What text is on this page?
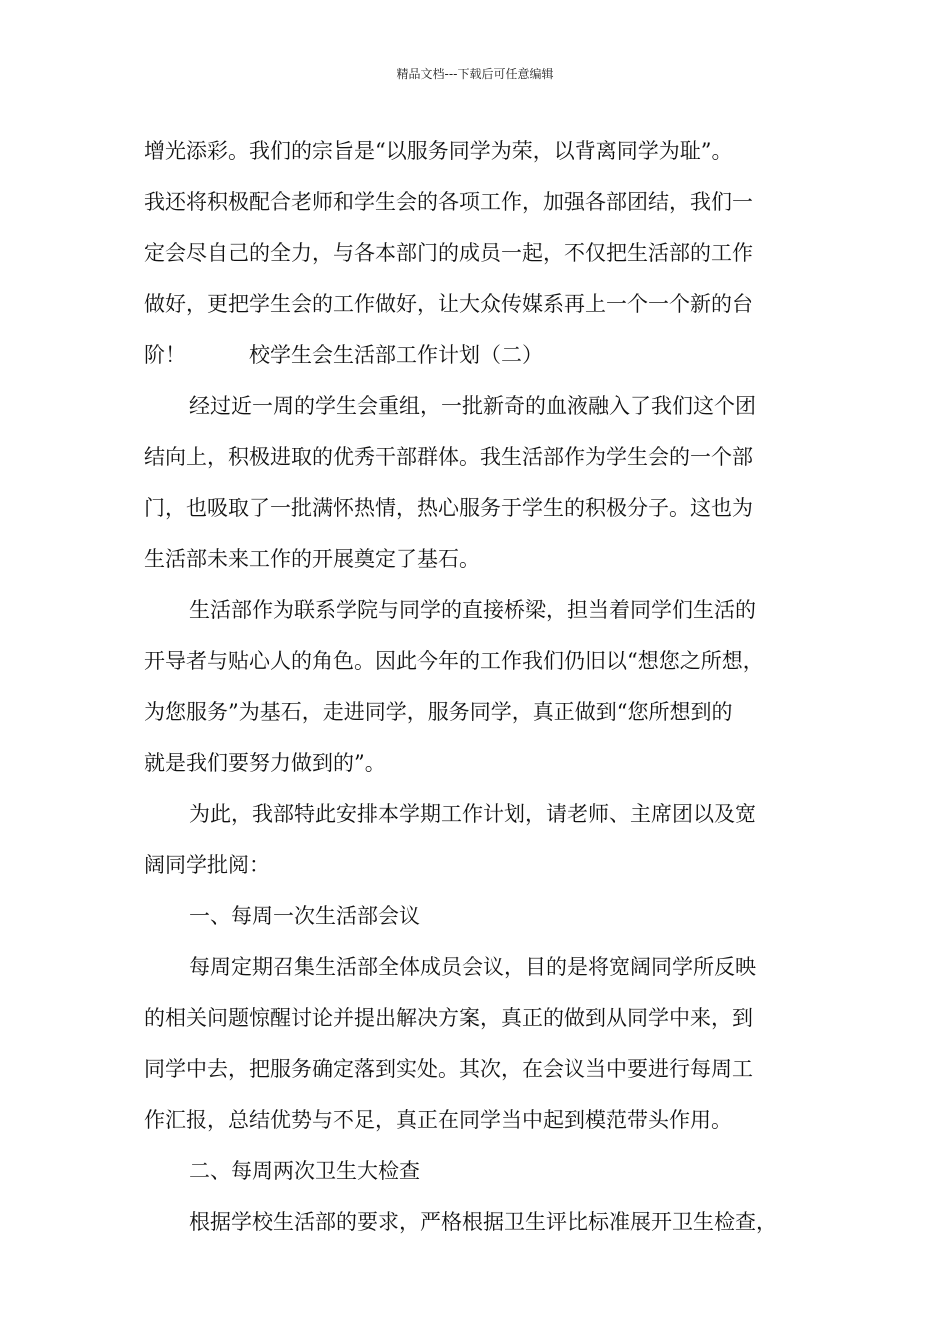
精品文档---下载后可任意编辑
增光添彩。我们的宗旨是“以服务同学为荣，以背离同学为耻”。
我还将积极配合老师和学生会的各项工作，加强各部团结，我们一
定会尽自己的全力，与各本部门的成员一起，不仅把生活部的工作
做好，更把学生会的工作做好，让大众传媒系再上一个一个新的台
阶！　　　校学生会生活部工作计划（二）
经过近一周的学生会重组，一批新奇的血液融入了我们这个团
结向上，积极进取的优秀干部群体。我生活部作为学生会的一个部
门，也吸取了一批满怀热情，热心服务于学生的积极分子。这也为
生活部未来工作的开展奠定了基石。
生活部作为联系学院与同学的直接桥梁，担当着同学们生活的
开导者与贴心人的角色。因此今年的工作我们仍旧以“想您之所想，
为您服务”为基石，走进同学，服务同学，真正做到“您所想到的
就是我们要努力做到的”。
为此，我部特此安排本学期工作计划，请老师、主席团以及宽
阔同学批阅：
一、每周一次生活部会议
每周定期召集生活部全体成员会议，目的是将宽阔同学所反映
的相关问题惊醒讨论并提出解决方案，真正的做到从同学中来，到
同学中去，把服务确定落到实处。其次，在会议当中要进行每周工
作汇报，总结优势与不足，真正在同学当中起到模范带头作用。
二、每周两次卫生大检查
根据学校生活部的要求，严格根据卫生评比标准展开卫生检查，
